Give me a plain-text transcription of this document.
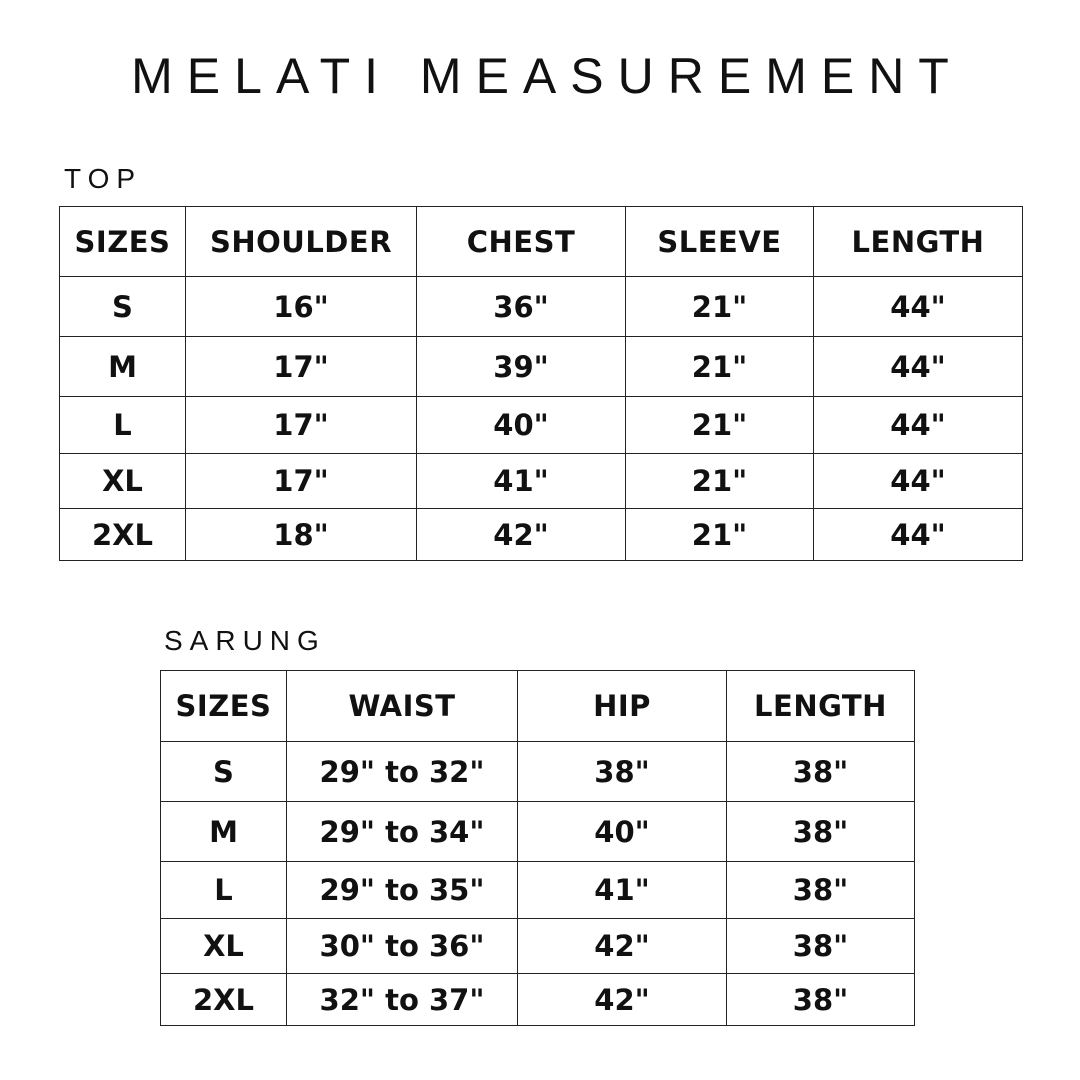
MELATI MEASUREMENT
TOP
SIZES	SHOULDER	CHEST	SLEEVE	LENGTH
S	16"	36"	21"	44"
M	17"	39"	21"	44"
L	17"	40"	21"	44"
XL	17"	41"	21"	44"
2XL	18"	42"	21"	44"
SARUNG
SIZES	WAIST	HIP	LENGTH
S	29" to 32"	38"	38"
M	29" to 34"	40"	38"
L	29" to 35"	41"	38"
XL	30" to 36"	42"	38"
2XL	32" to 37"	42"	38"
